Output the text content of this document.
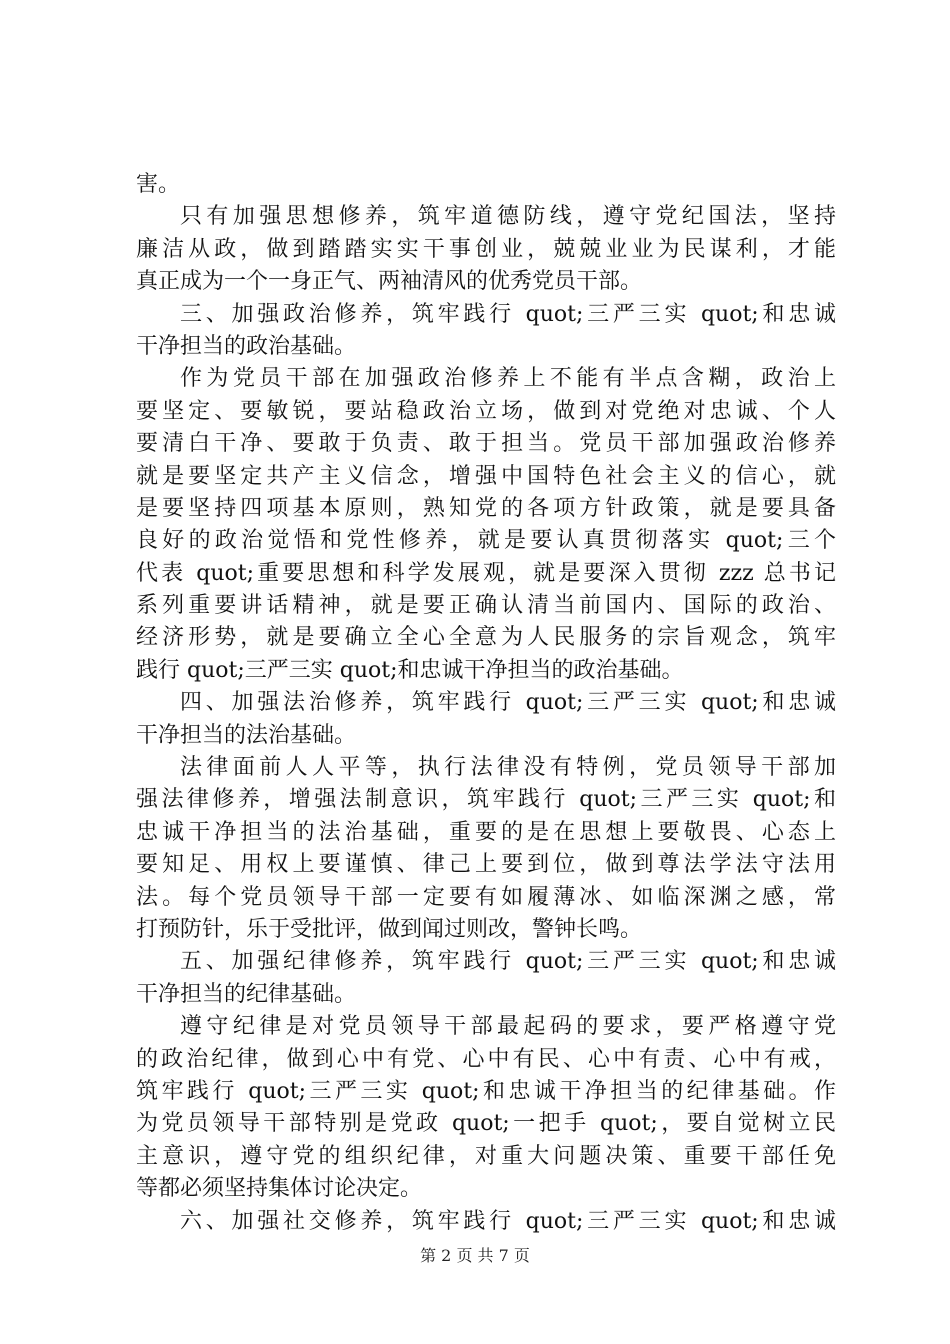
害。
只有加强思想修养，筑牢道德防线，遵守党纪国法，坚持
廉洁从政，做到踏踏实实干事创业，兢兢业业为民谋利，才能
真正成为一个一身正气、两袖清风的优秀党员干部。
三、加强政治修养，筑牢践行 quot;三严三实 quot;和忠诚
干净担当的政治基础。
作为党员干部在加强政治修养上不能有半点含糊，政治上
要坚定、要敏锐，要站稳政治立场，做到对党绝对忠诚、个人
要清白干净、要敢于负责、敢于担当。党员干部加强政治修养
就是要坚定共产主义信念，增强中国特色社会主义的信心，就
是要坚持四项基本原则，熟知党的各项方针政策，就是要具备
良好的政治觉悟和党性修养，就是要认真贯彻落实 quot;三个
代表 quot;重要思想和科学发展观，就是要深入贯彻 zzz 总书记
系列重要讲话精神，就是要正确认清当前国内、国际的政治、
经济形势，就是要确立全心全意为人民服务的宗旨观念，筑牢
践行 quot;三严三实 quot;和忠诚干净担当的政治基础。
四、加强法治修养，筑牢践行 quot;三严三实 quot;和忠诚
干净担当的法治基础。
法律面前人人平等，执行法律没有特例，党员领导干部加
强法律修养，增强法制意识，筑牢践行 quot;三严三实 quot;和
忠诚干净担当的法治基础，重要的是在思想上要敬畏、心态上
要知足、用权上要谨慎、律己上要到位，做到尊法学法守法用
法。每个党员领导干部一定要有如履薄冰、如临深渊之感，常
打预防针，乐于受批评，做到闻过则改，警钟长鸣。
五、加强纪律修养，筑牢践行 quot;三严三实 quot;和忠诚
干净担当的纪律基础。
遵守纪律是对党员领导干部最起码的要求，要严格遵守党
的政治纪律，做到心中有党、心中有民、心中有责、心中有戒，
筑牢践行 quot;三严三实 quot;和忠诚干净担当的纪律基础。作
为党员领导干部特别是党政 quot;一把手 quot;，要自觉树立民
主意识，遵守党的组织纪律，对重大问题决策、重要干部任免
等都必须坚持集体讨论决定。
六、加强社交修养，筑牢践行 quot;三严三实 quot;和忠诚
第 2 页 共 7 页
